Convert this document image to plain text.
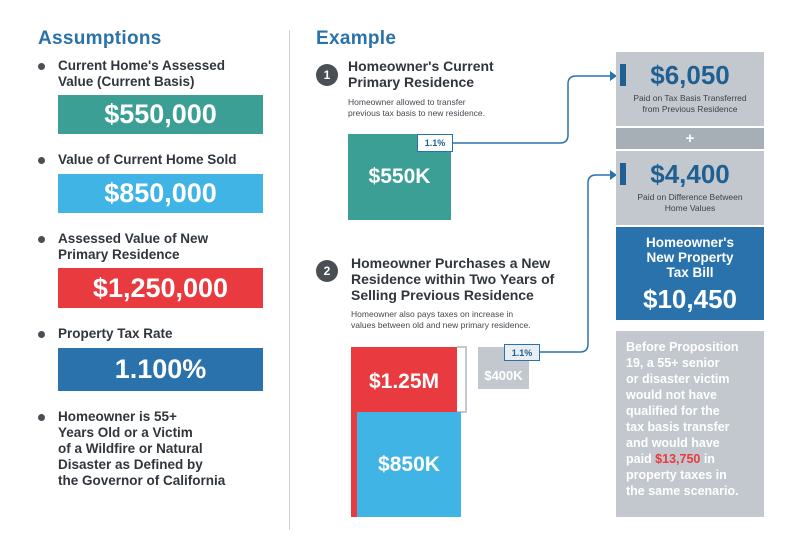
Assumptions
Current Home's Assessed
Value (Current Basis)
$550,000
Value of Current Home Sold
$850,000
Assessed Value of New
Primary Residence
$1,250,000
Property Tax Rate
1.100%
Homeowner is 55+
Years Old or a Victim
of a Wildfire or Natural
Disaster as Defined by
the Governor of California
Example
1
Homeowner's Current
Primary Residence
Homeowner allowed to transfer
previous tax basis to new residence.
$550K
1.1%
2	Homeowner Purchases a New
Residence within Two Years of
Selling Previous Residence
Homeowner also pays taxes on increase in
values between old and new primary residence.
$1.25M
$850K
$400K
1.1%
$6,050
Paid on Tax Basis Transferred
from Previous Residence
+
$4,400
Paid on Difference Between
Home Values
Homeowner's
New Property
Tax Bill
$10,450
Before Proposition
19, a 55+ senior
or disaster victim
would not have
qualified for the
tax basis transfer
and would have
paid $13,750 in
property taxes in
the same scenario.
